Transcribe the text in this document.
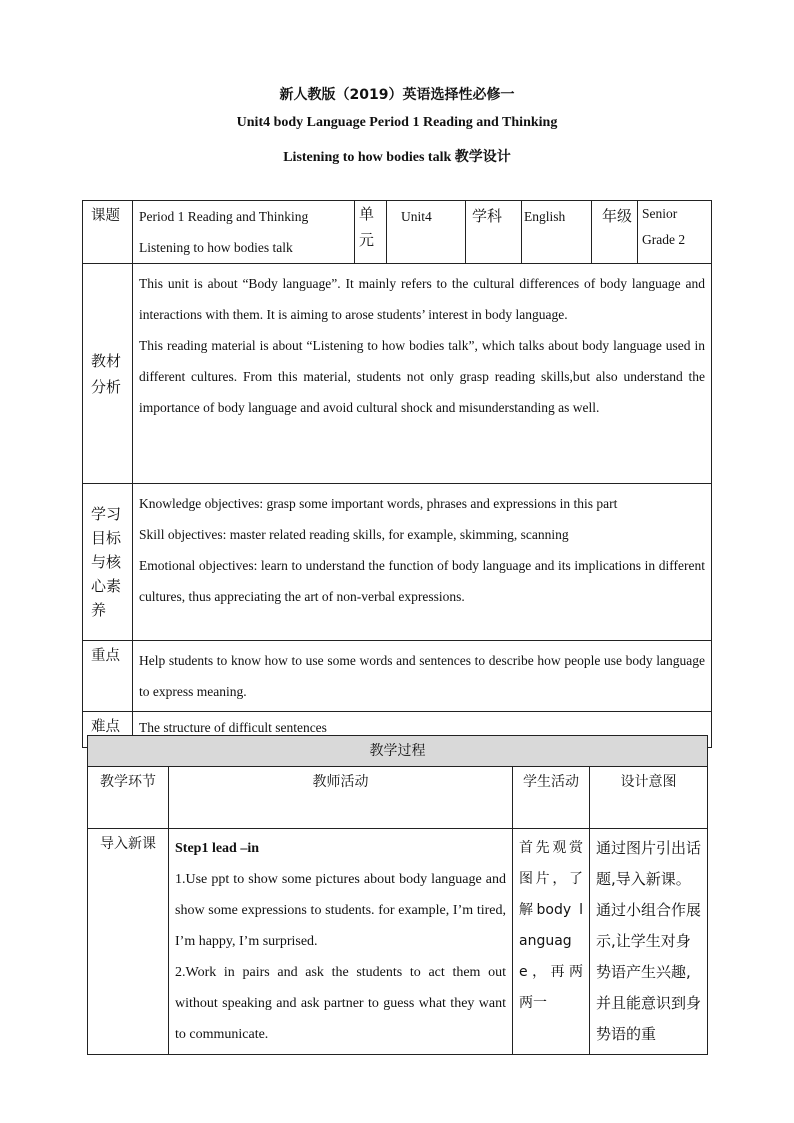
新人教版（2019）英语选择性必修一
Unit4 body Language Period 1 Reading and Thinking
Listening to how bodies talk 教学设计
课题	Period 1 Reading and Thinking
Listening to how bodies talk	单元	Unit4	学科	English	年级	Senior Grade 2
教材分析	This unit is about “Body language”. It mainly refers to the cultural differences of body language and interactions with them. It is aiming to arose students’ interest in body language.

This reading material is about “Listening to how bodies talk”, which talks about body language used in different cultures. From this material, students not only grasp reading skills,but also understand the importance of body language and avoid cultural shock and misunderstanding as well.						

学习目标与核心素养	Knowledge objectives: grasp some important words, phrases and expressions in this part

Skill objectives: master related reading skills, for example, skimming, scanning

Emotional objectives: learn to understand the function of body language and its implications in different cultures, thus appreciating the art of non-verbal expressions.						

重点	Help students to know how to use some words and sentences to describe how people use body language to express meaning.						
难点	The structure of difficult sentences						
教学过程			
教学环节	教师活动	学生活动	设计意图
导入新课	Step1 lead –in
1.Use ppt to show some pictures about body language and show some expressions to students. for example, I’m tired, I’m happy, I’m surprised.
2.Work in pairs and ask the students to act them out without speaking and ask partner to guess what they want to communicate.	首先观赏图片，了解body language，再两两一	通过图片引出话题,导入新课。通过小组合作展示,让学生对身势语产生兴趣,并且能意识到身势语的重
